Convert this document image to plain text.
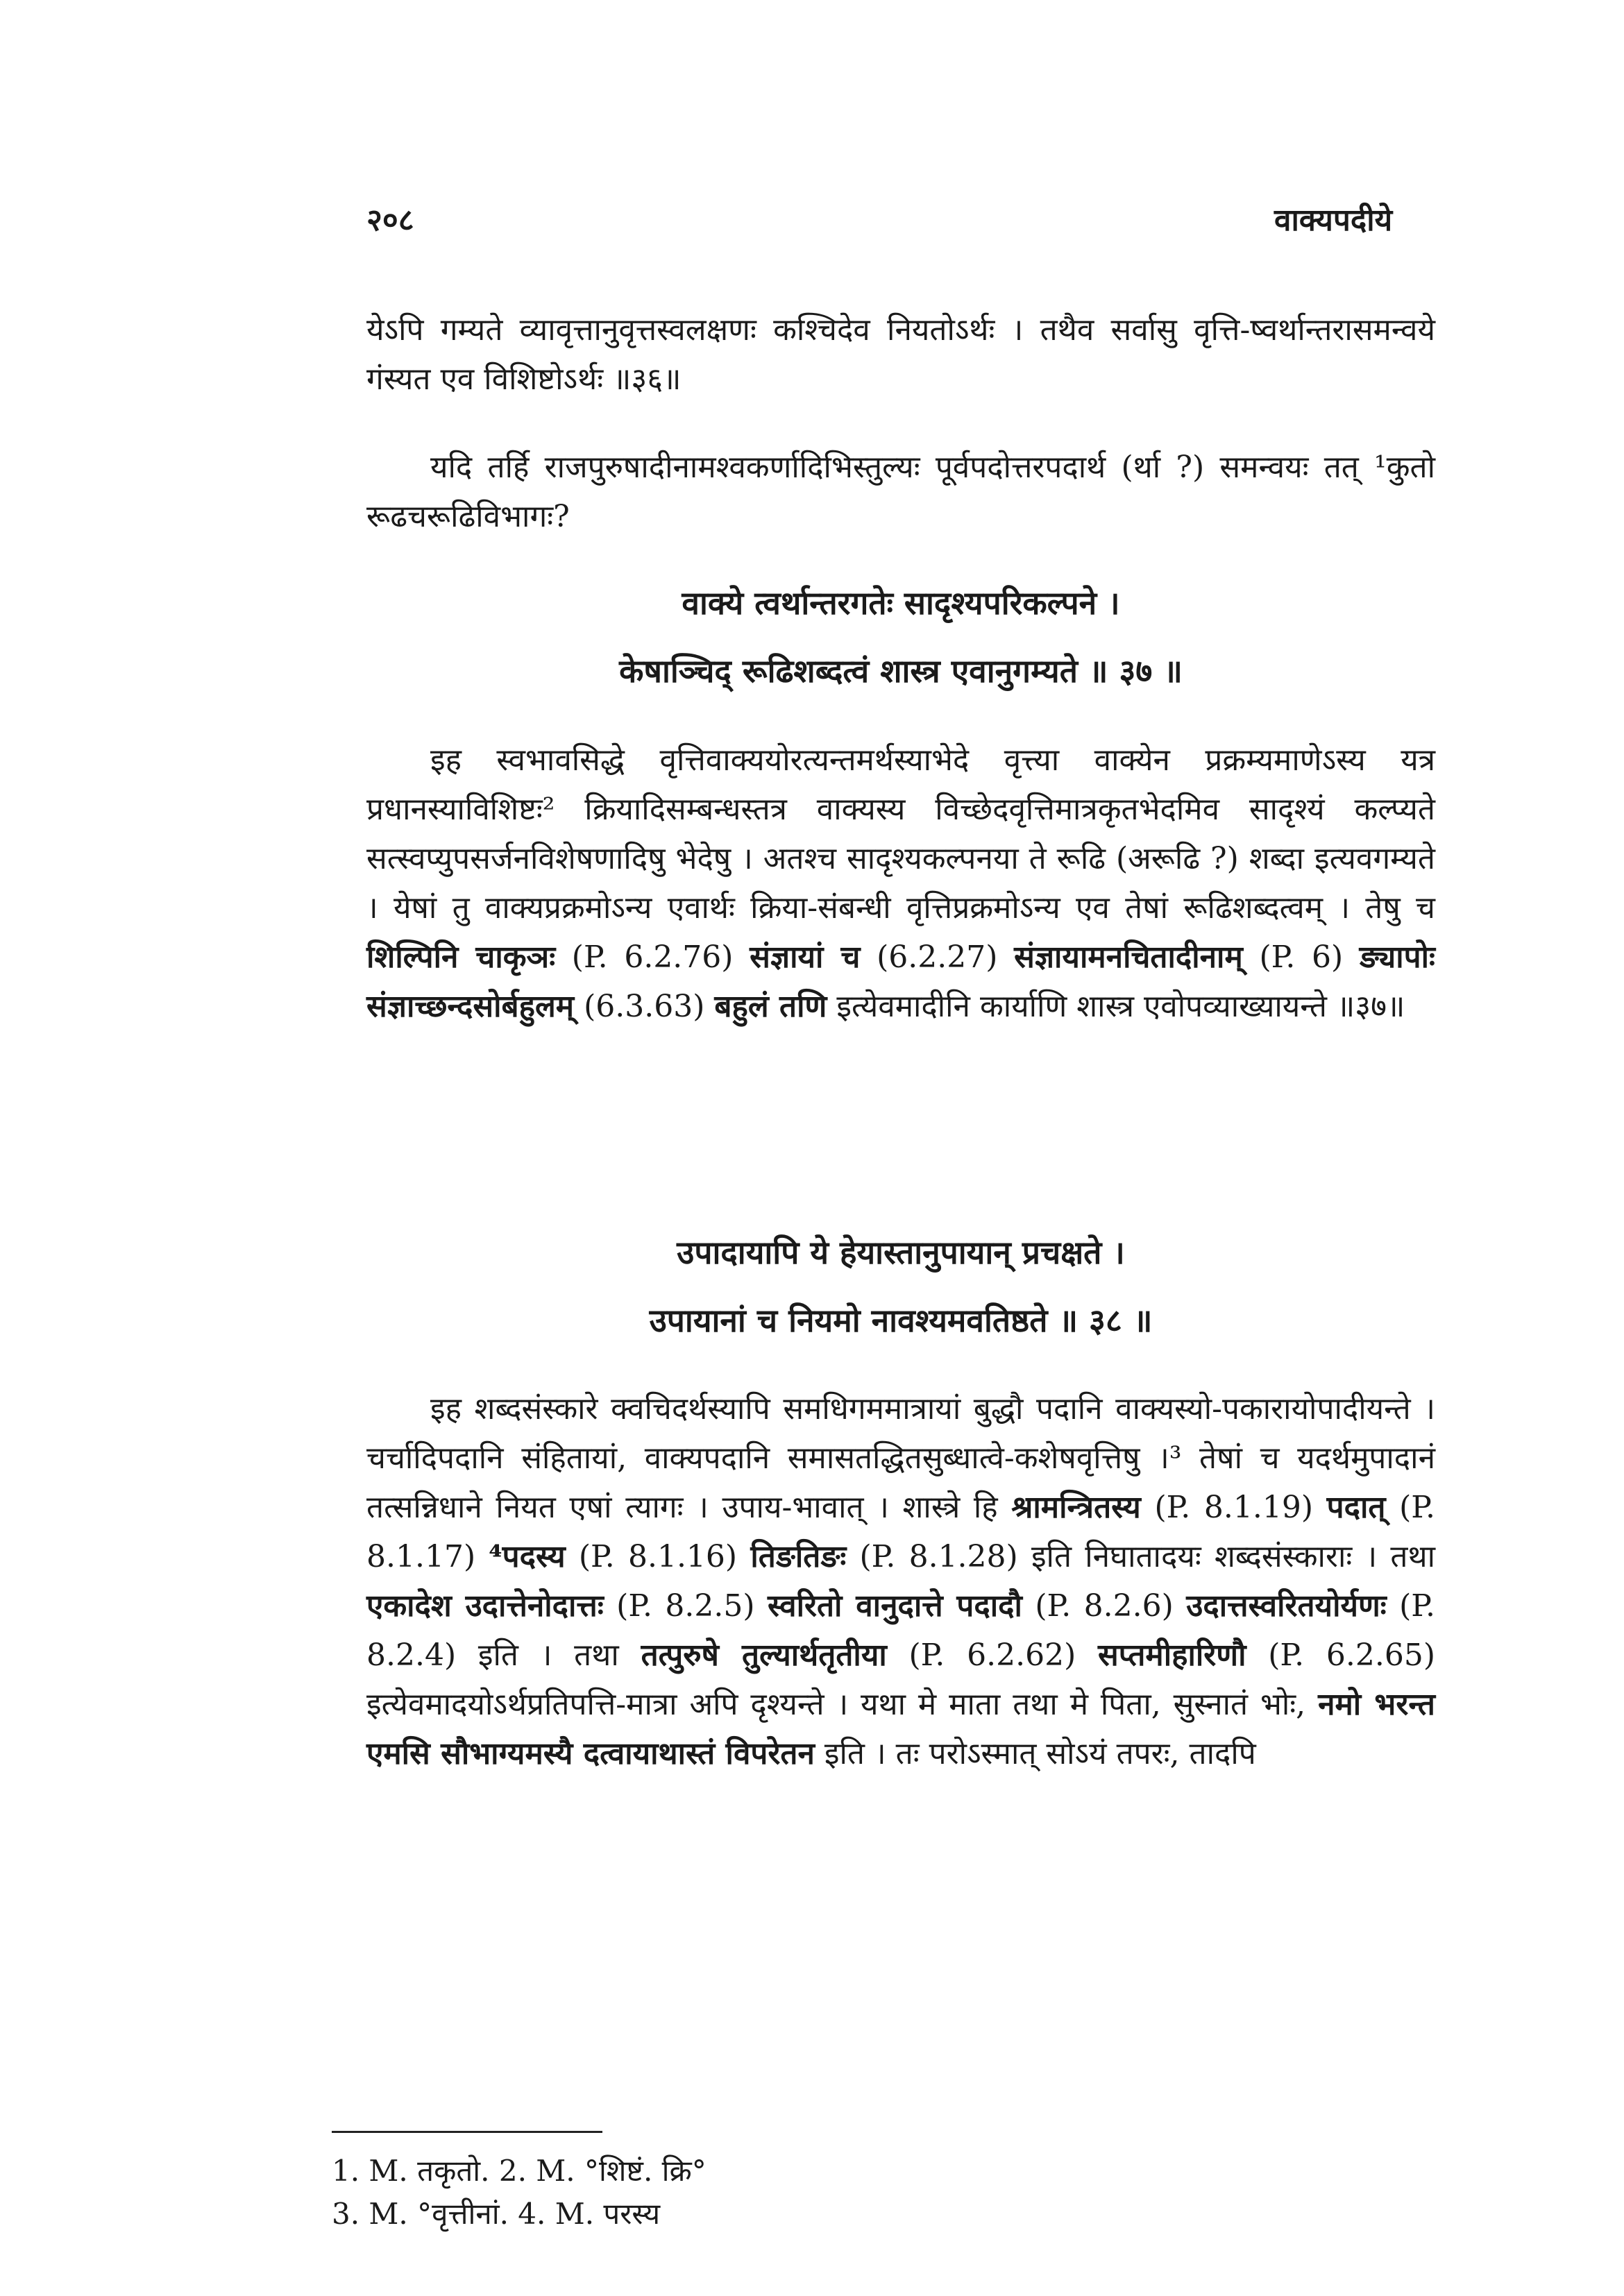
२०८	वाक्यपदीये
येऽपि गम्यते व्यावृत्तानुवृत्तस्वलक्षणः कश्चिदेव नियतोऽर्थः । तथैव सर्वासु वृत्ति-ष्वर्थान्तरासमन्वये गंस्यत एव विशिष्टोऽर्थः ॥३६॥
यदि तर्हि राजपुरुषादीनामश्वकर्णादिभिस्तुल्यः पूर्वपदोत्तरपदार्थ (र्था ?) समन्वयः तत् ¹कुतो रूढचरूढिविभागः?
वाक्ये त्वर्थान्तरगतेः सादृश्यपरिकल्पने ।
केषाञ्चिद् रूढिशब्दत्वं शास्त्र एवानुगम्यते ॥ ३७ ॥
इह स्वभावसिद्धे वृत्तिवाक्ययोरत्यन्तमर्थस्याभेदे वृत्त्या वाक्येन प्रक्रम्यमाणेऽस्य यत्र प्रधानस्याविशिष्टः² क्रियादिसम्बन्धस्तत्र वाक्यस्य विच्छेदवृत्तिमात्रकृतभेदमिव सादृश्यं कल्प्यते सत्स्वप्युपसर्जनविशेषणादिषु भेदेषु । अतश्च सादृश्यकल्पनया ते रूढि (अरूढि ?) शब्दा इत्यवगम्यते । येषां तु वाक्यप्रक्रमोऽन्य एवार्थः क्रिया-संबन्धी वृत्तिप्रक्रमोऽन्य एव तेषां रूढिशब्दत्वम् । तेषु च शिल्पिनि चाकृञः (P. 6.2.76) संज्ञायां च (6.2.27) संज्ञायामनचितादीनाम् (P. 6) ङ्यापोः संज्ञाच्छन्दसोर्बहुलम् (6.3.63) बहुलं तणि इत्येवमादीनि कार्याणि शास्त्र एवोपव्याख्यायन्ते ॥३७॥
उपादायापि ये हेयास्तानुपायान् प्रचक्षते ।
उपायानां च नियमो नावश्यमवतिष्ठते ॥ ३८ ॥
इह शब्दसंस्कारे क्वचिदर्थस्यापि समधिगममात्रायां बुद्धौ पदानि वाक्यस्यो-पकारायोपादीयन्ते । चर्चादिपदानि संहितायां, वाक्यपदानि समासतद्धितसुब्धात्वे-कशेषवृत्तिषु ।³ तेषां च यदर्थमुपादानं तत्सन्निधाने नियत एषां त्यागः । उपाय-भावात् । शास्त्रे हि श्रामन्त्रितस्य (P. 8.1.19) पदात् (P. 8.1.17) ⁴पदस्य (P. 8.1.16) तिङतिङः (P. 8.1.28) इति निघातादयः शब्दसंस्काराः । तथा एकादेश उदात्तेनोदात्तः (P. 8.2.5) स्वरितो वानुदात्ते पदादौ (P. 8.2.6) उदात्तस्वरितयोर्यणः (P. 8.2.4) इति । तथा तत्पुरुषे तुल्यार्थतृतीया (P. 6.2.62) सप्तमीहारिणौ (P. 6.2.65) इत्येवमादयोऽर्थप्रतिपत्ति-मात्रा अपि दृश्यन्ते । यथा मे माता तथा मे पिता, सुस्नातं भोः, नमो भरन्त एमसि सौभाग्यमस्यै दत्वायाथास्तं विपरेतन इति । तः परोऽस्मात् सोऽयं तपरः, तादपि
1. M. तकृतो. 2. M. °शिष्टं. क्रि°
3. M. °वृत्तीनां. 4. M. परस्य
